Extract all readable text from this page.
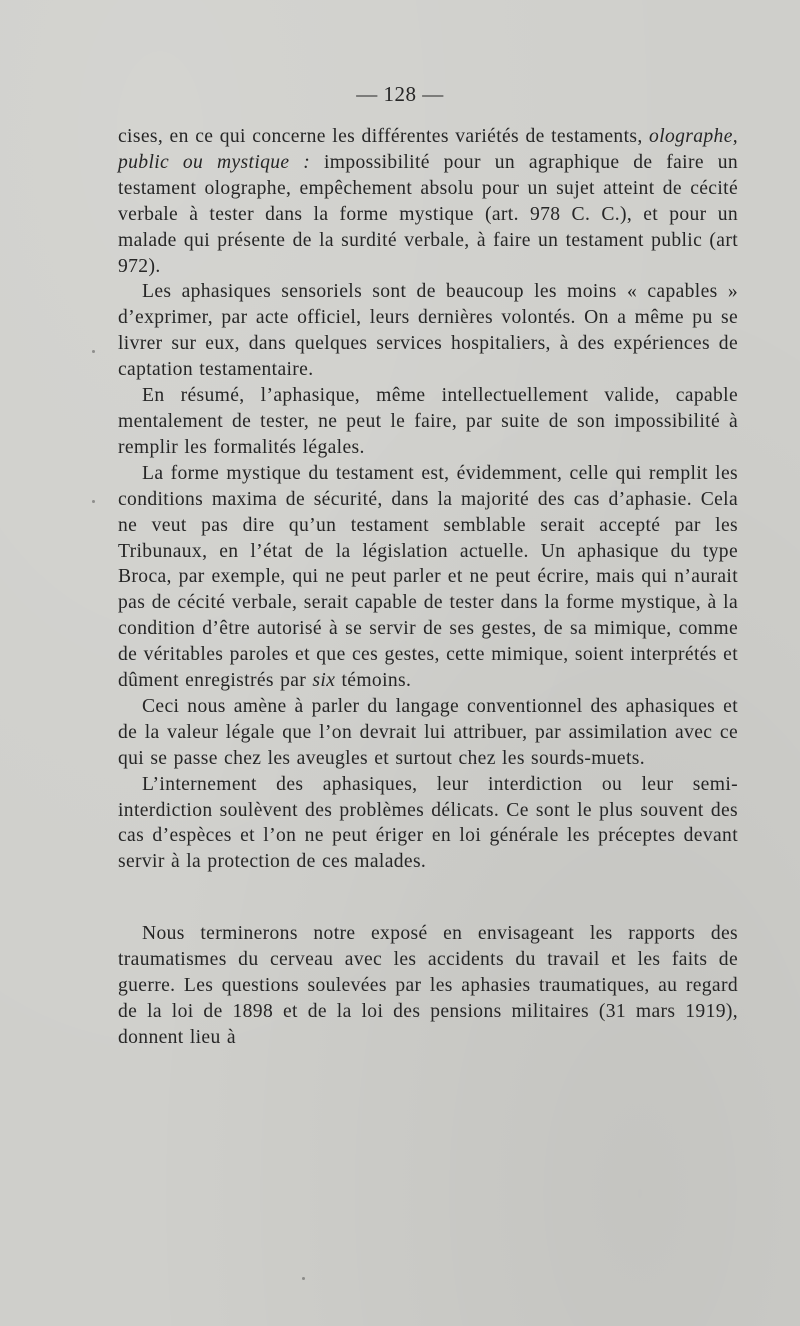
— 128 —

cises, en ce qui concerne les différentes variétés de testaments, olographe, public ou mystique : impossibilité pour un agraphique de faire un testament olographe, empêchement absolu pour un sujet atteint de cécité verbale à tester dans la forme mystique (art. 978 C. C.), et pour un malade qui présente de la surdité verbale, à faire un testament public (art 972).

Les aphasiques sensoriels sont de beaucoup les moins « capables » d’exprimer, par acte officiel, leurs dernières volontés. On a même pu se livrer sur eux, dans quelques services hospitaliers, à des expériences de captation testamentaire.

En résumé, l’aphasique, même intellectuellement valide, capable mentalement de tester, ne peut le faire, par suite de son impossibilité à remplir les formalités légales.

La forme mystique du testament est, évidemment, celle qui remplit les conditions maxima de sécurité, dans la majorité des cas d’aphasie. Cela ne veut pas dire qu’un testament semblable serait accepté par les Tribunaux, en l’état de la législation actuelle. Un aphasique du type Broca, par exemple, qui ne peut parler et ne peut écrire, mais qui n’aurait pas de cécité verbale, serait capable de tester dans la forme mystique, à la condition d’être autorisé à se servir de ses gestes, de sa mimique, comme de véritables paroles et que ces gestes, cette mimique, soient interprétés et dûment enregistrés par six témoins.

Ceci nous amène à parler du langage conventionnel des aphasiques et de la valeur légale que l’on devrait lui attribuer, par assimilation avec ce qui se passe chez les aveugles et surtout chez les sourds-muets.

L’internement des aphasiques, leur interdiction ou leur semi-interdiction soulèvent des problèmes délicats. Ce sont le plus souvent des cas d’espèces et l’on ne peut ériger en loi générale les préceptes devant servir à la protection de ces malades.

Nous terminerons notre exposé en envisageant les rapports des traumatismes du cerveau avec les accidents du travail et les faits de guerre. Les questions soulevées par les aphasies traumatiques, au regard de la loi de 1898 et de la loi des pensions militaires (31 mars 1919), donnent lieu à
